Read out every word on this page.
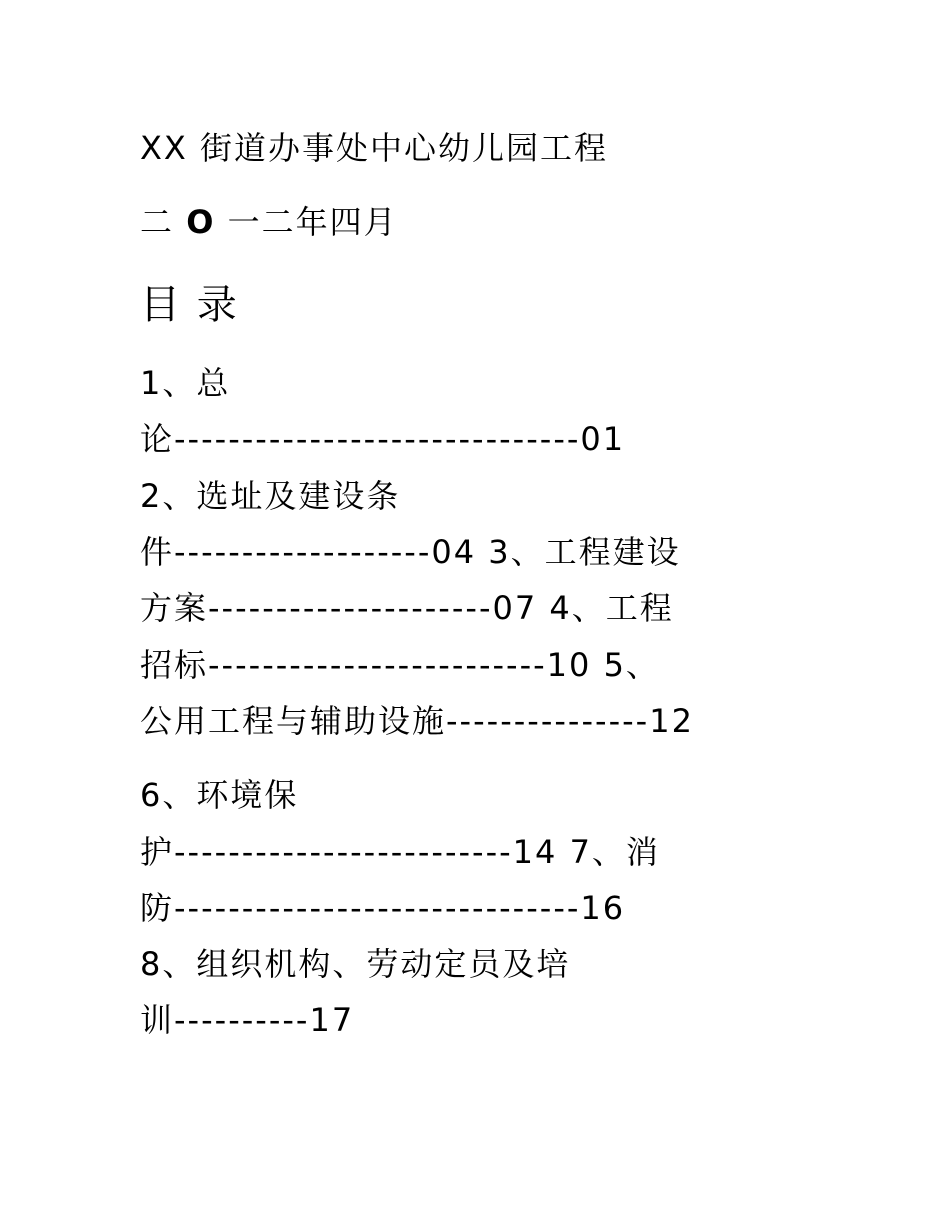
XX 街道办事处中心幼儿园工程
二 O 一二年四月
目 录
1、总
论------------------------------01
2、选址及建设条
件-------------------04 3、工程建设
方案---------------------07 4、工程
招标-------------------------10 5、
公用工程与辅助设施---------------12
6、环境保
护-------------------------14 7、消
防------------------------------16
8、组织机构、劳动定员及培
训----------17
